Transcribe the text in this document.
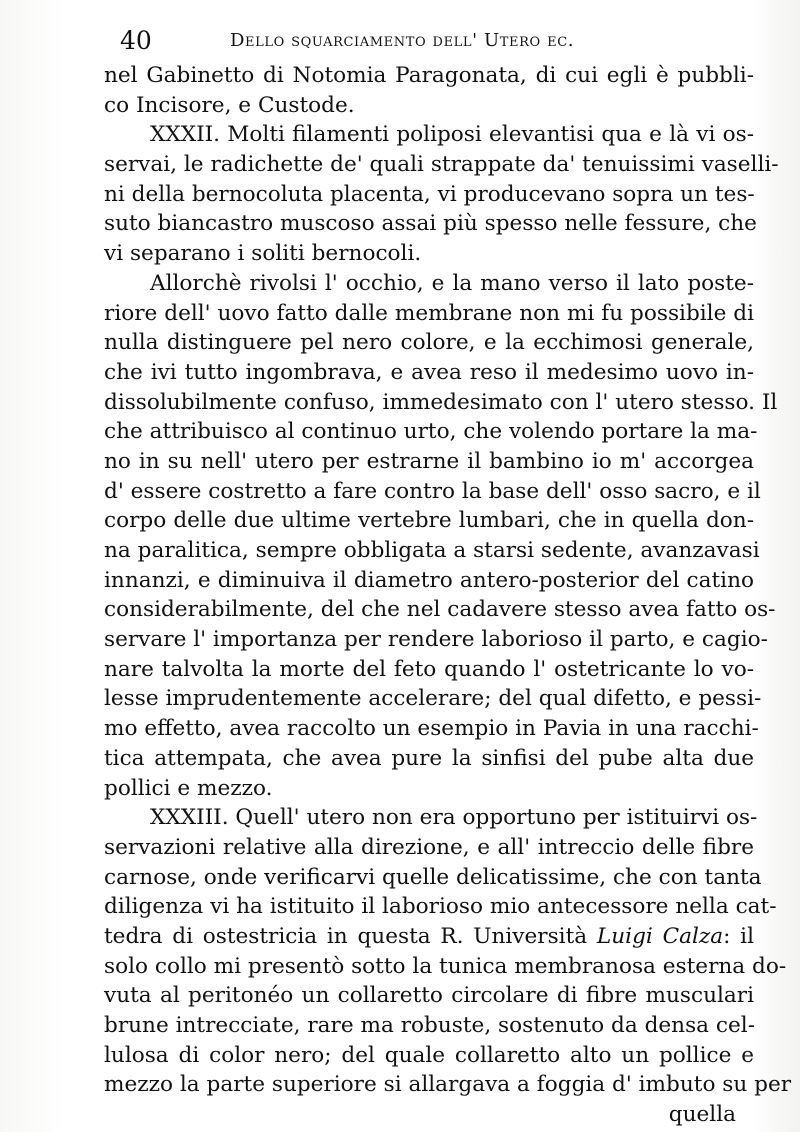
40	Dello squarciamento dell' Utero ec.
nel Gabinetto di Notomia Paragonata, di cui egli è pubbli-
co Incisore, e Custode.
XXXII. Molti filamenti poliposi elevantisi qua e là vi os-
servai, le radichette de' quali strappate da' tenuissimi vaselli-
ni della bernocoluta placenta, vi producevano sopra un tes-
suto biancastro muscoso assai più spesso nelle fessure, che
vi separano i soliti bernocoli.
Allorchè rivolsi l' occhio, e la mano verso il lato poste-
riore dell' uovo fatto dalle membrane non mi fu possibile di
nulla distinguere pel nero colore, e la ecchimosi generale,
che ivi tutto ingombrava, e avea reso il medesimo uovo in-
dissolubilmente confuso, immedesimato con l' utero stesso. Il
che attribuisco al continuo urto, che volendo portare la ma-
no in su nell' utero per estrarne il bambino io m' accorgea
d' essere costretto a fare contro la base dell' osso sacro, e il
corpo delle due ultime vertebre lumbari, che in quella don-
na paralitica, sempre obbligata a starsi sedente, avanzavasi
innanzi, e diminuiva il diametro antero-posterior del catino
considerabilmente, del che nel cadavere stesso avea fatto os-
servare l' importanza per rendere laborioso il parto, e cagio-
nare talvolta la morte del feto quando l' ostetricante lo vo-
lesse imprudentemente accelerare; del qual difetto, e pessi-
mo effetto, avea raccolto un esempio in Pavia in una racchi-
tica attempata, che avea pure la sinfisi del pube alta due
pollici e mezzo.
XXXIII. Quell' utero non era opportuno per istituirvi os-
servazioni relative alla direzione, e all' intreccio delle fibre
carnose, onde verificarvi quelle delicatissime, che con tanta
diligenza vi ha istituito il laborioso mio antecessore nella cat-
tedra di ostestricia in questa R. Università Luigi Calza: il
solo collo mi presentò sotto la tunica membranosa esterna do-
vuta al peritonéo un collaretto circolare di fibre musculari
brune intrecciate, rare ma robuste, sostenuto da densa cel-
lulosa di color nero; del quale collaretto alto un pollice e
mezzo la parte superiore si allargava a foggia d' imbuto su per
quella
